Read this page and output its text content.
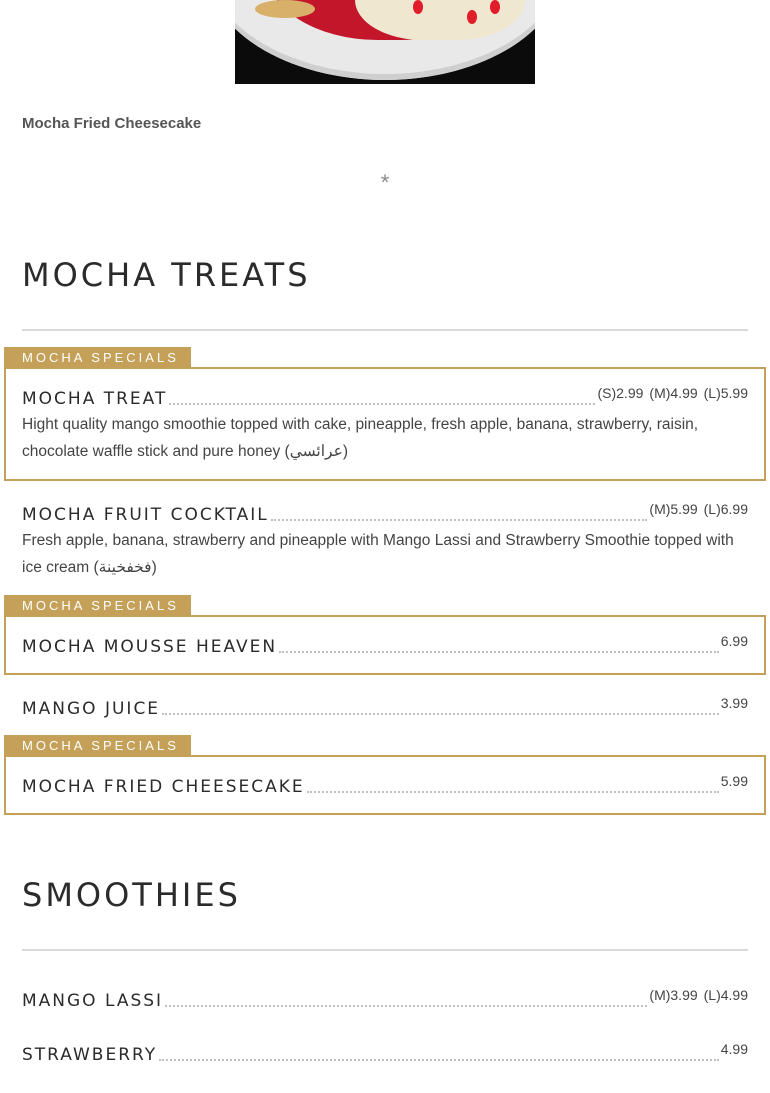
Mocha Fried Cheesecake
*
MOCHA TREATS
MOCHA SPECIALS
MOCHA TREAT	(S)2.99 (M)4.99 (L)5.99
Hight quality mango smoothie topped with cake, pineapple, fresh apple, banana, strawberry, raisin, chocolate waffle stick and pure honey (عرائسي)
MOCHA FRUIT COCKTAIL	(M)5.99 (L)6.99
Fresh apple, banana, strawberry and pineapple with Mango Lassi and Strawberry Smoothie topped with ice cream (فخفخينة)
MOCHA SPECIALS
MOCHA MOUSSE HEAVEN	6.99
MANGO JUICE	3.99
MOCHA SPECIALS
MOCHA FRIED CHEESECAKE	5.99
SMOOTHIES
MANGO LASSI	(M)3.99 (L)4.99
STRAWBERRY	4.99
